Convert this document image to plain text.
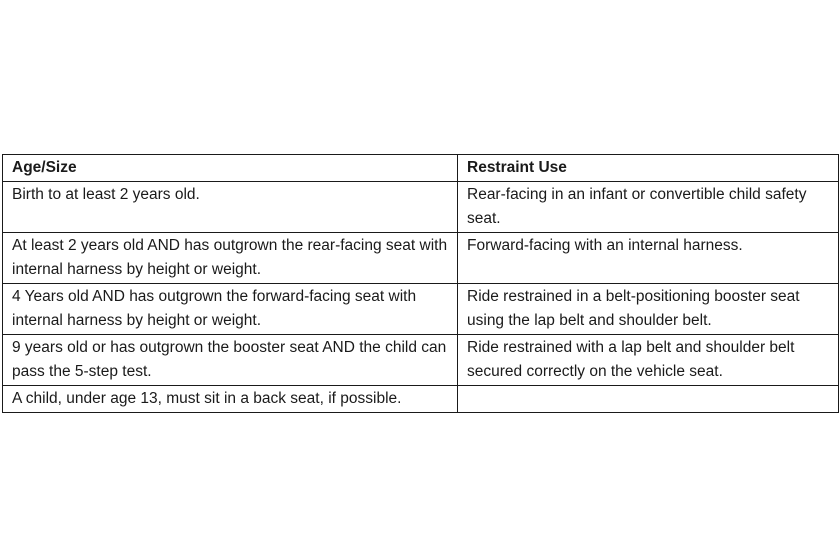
Age/Size	Restraint Use

Birth to at least 2 years old.	Rear-facing in an infant or convertible child safety seat.

At least 2 years old AND has outgrown the rear-facing seat with internal harness by height or weight.	Forward-facing with an internal harness.

4 Years old AND has outgrown the forward-facing seat with internal harness by height or weight.	Ride restrained in a belt-positioning booster seat using the lap belt and shoulder belt.

9 years old or has outgrown the booster seat AND the child can pass the 5-step test.	Ride restrained with a lap belt and shoulder belt secured correctly on the vehicle seat.

A child, under age 13, must sit in a back seat, if possible.	
